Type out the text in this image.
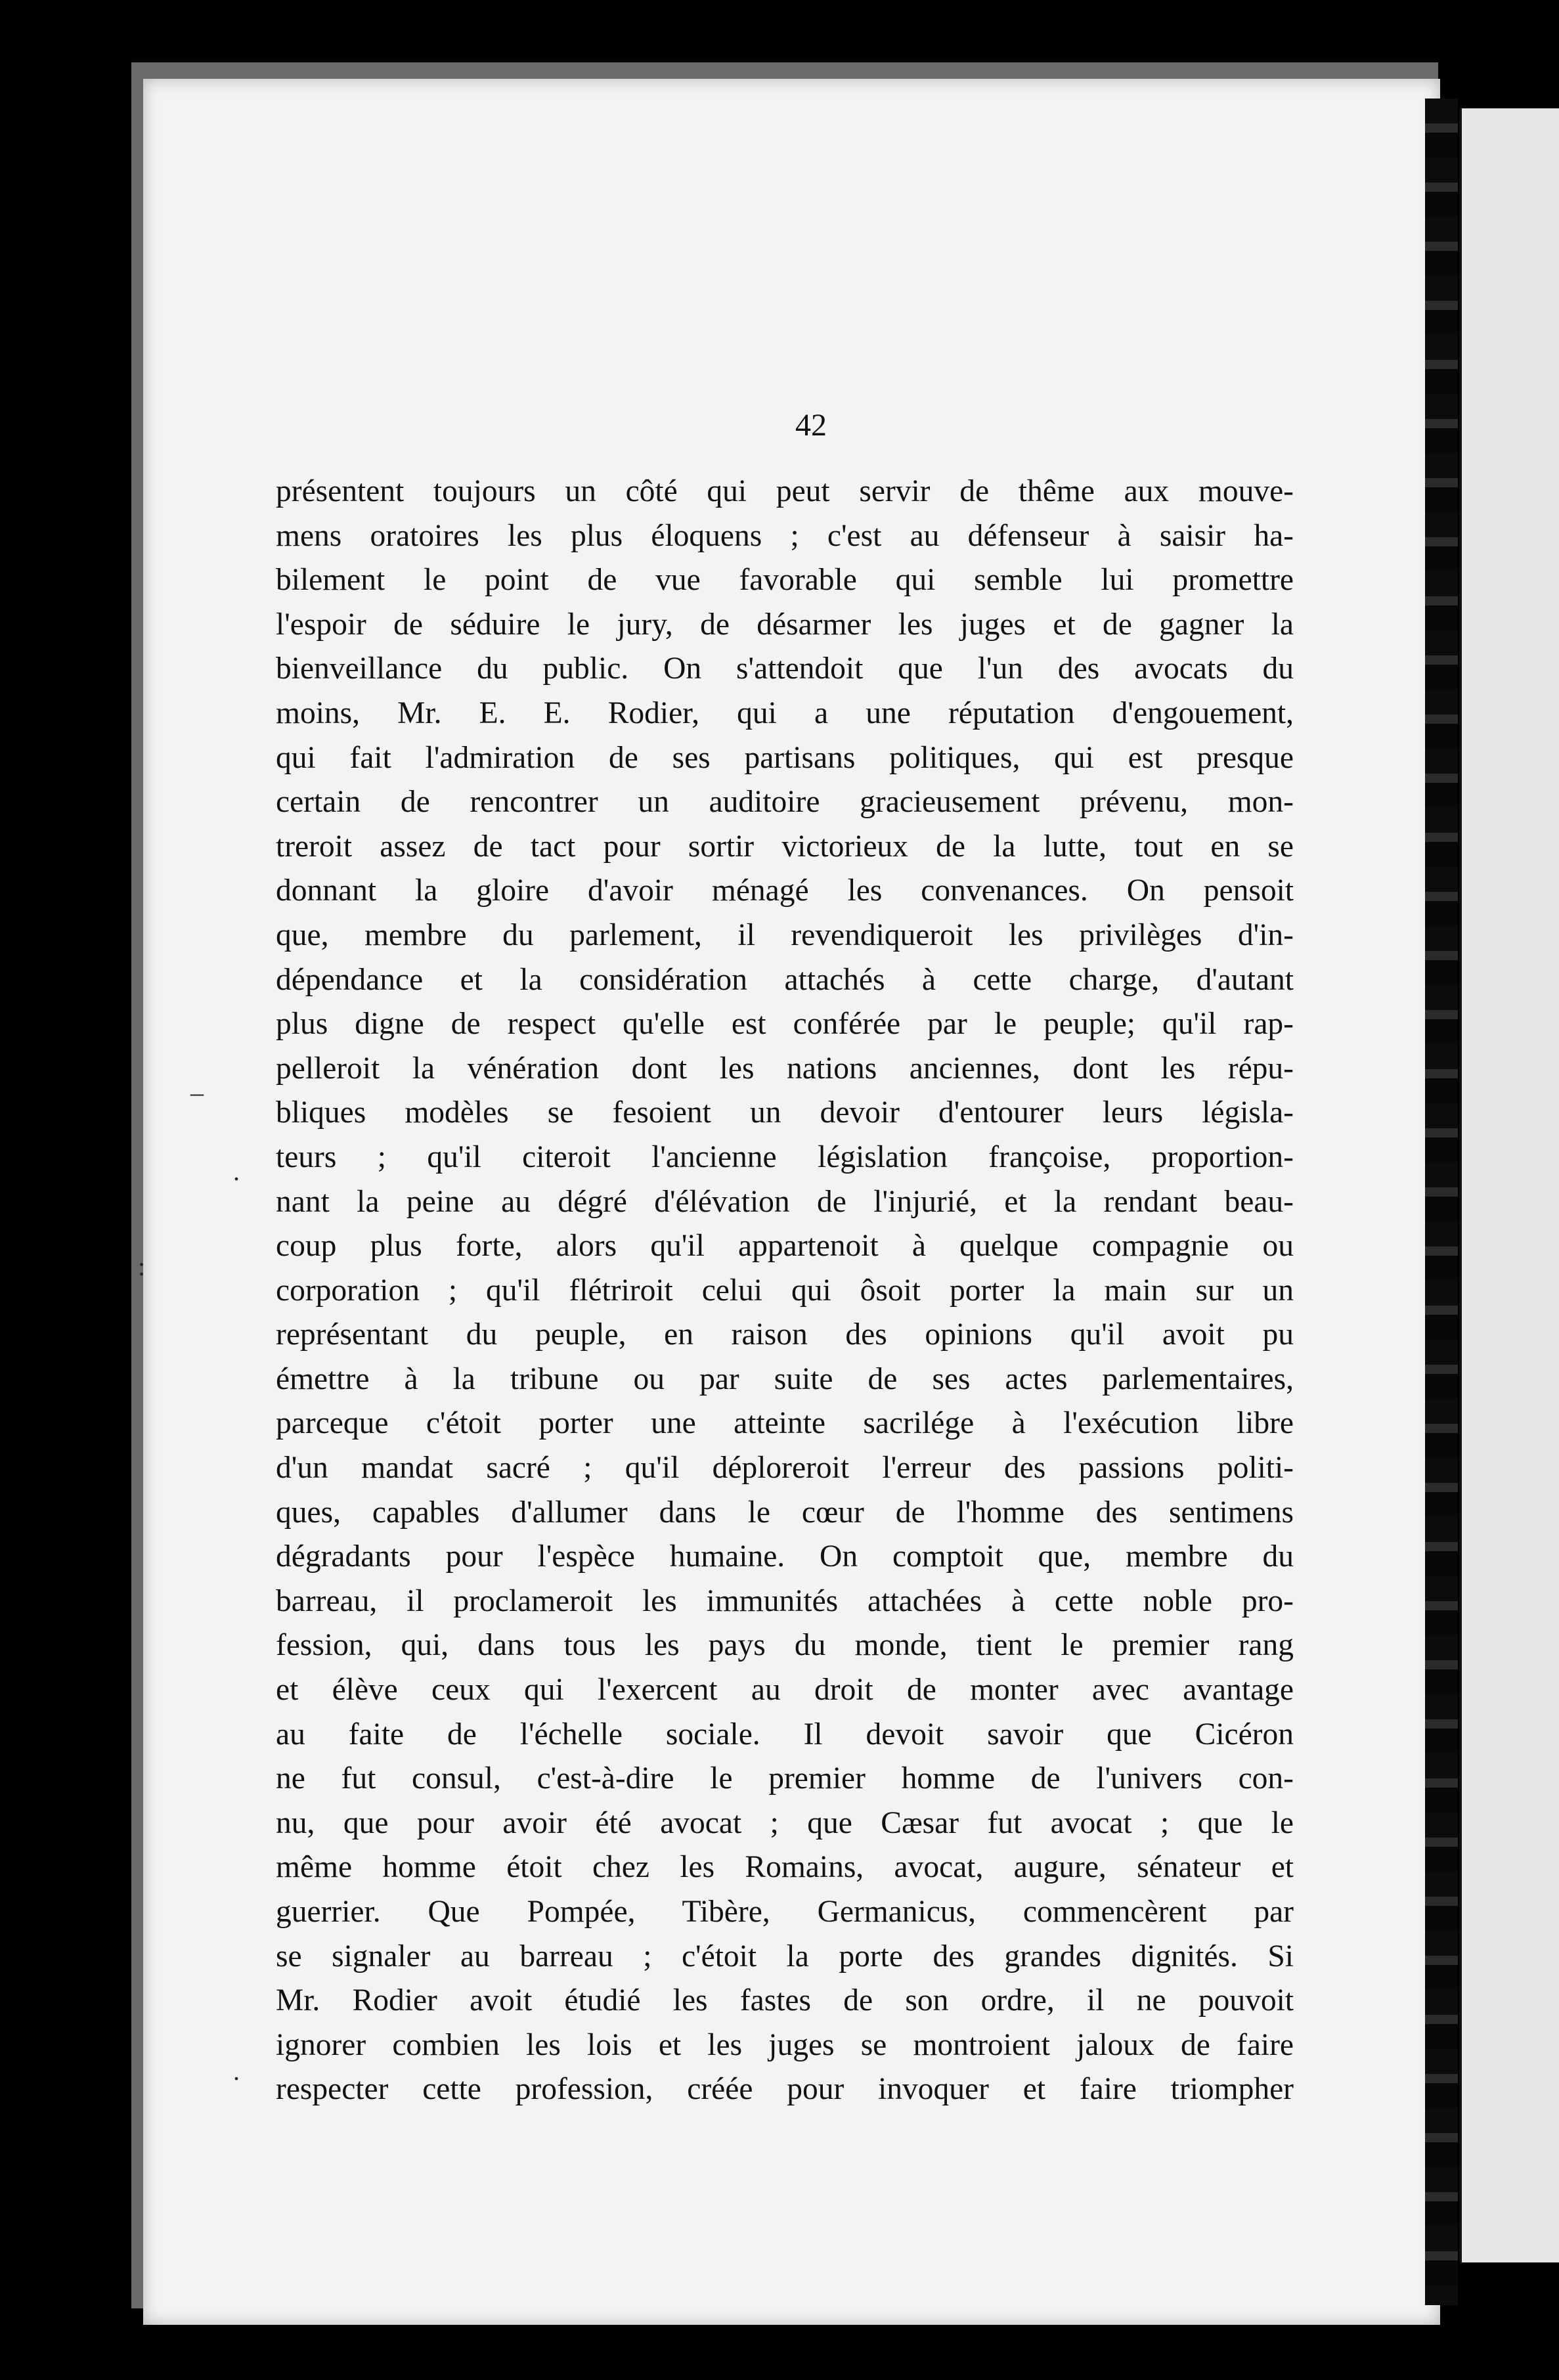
–
.
:
.
42
présentent toujours un côté qui peut servir de thême aux mouve-
mens oratoires les plus éloquens ; c'est au défenseur à saisir ha-
bilement le point de vue favorable qui semble lui promettre
l'espoir de séduire le jury, de désarmer les juges et de gagner la
bienveillance du public. On s'attendoit que l'un des avocats du
moins, Mr. E. E. Rodier, qui a une réputation d'engouement,
qui fait l'admiration de ses partisans politiques, qui est presque
certain de rencontrer un auditoire gracieusement prévenu, mon-
treroit assez de tact pour sortir victorieux de la lutte, tout en se
donnant la gloire d'avoir ménagé les convenances. On pensoit
que, membre du parlement, il revendiqueroit les privilèges d'in-
dépendance et la considération attachés à cette charge, d'autant
plus digne de respect qu'elle est conférée par le peuple; qu'il rap-
pelleroit la vénération dont les nations anciennes, dont les répu-
bliques modèles se fesoient un devoir d'entourer leurs législa-
teurs ; qu'il citeroit l'ancienne législation françoise, proportion-
nant la peine au dégré d'élévation de l'injurié, et la rendant beau-
coup plus forte, alors qu'il appartenoit à quelque compagnie ou
corporation ; qu'il flétriroit celui qui ôsoit porter la main sur un
représentant du peuple, en raison des opinions qu'il avoit pu
émettre à la tribune ou par suite de ses actes parlementaires,
parceque c'étoit porter une atteinte sacrilége à l'exécution libre
d'un mandat sacré ; qu'il déploreroit l'erreur des passions politi-
ques, capables d'allumer dans le cœur de l'homme des sentimens
dégradants pour l'espèce humaine. On comptoit que, membre du
barreau, il proclameroit les immunités attachées à cette noble pro-
fession, qui, dans tous les pays du monde, tient le premier rang
et élève ceux qui l'exercent au droit de monter avec avantage
au faite de l'échelle sociale. Il devoit savoir que Cicéron
ne fut consul, c'est-à-dire le premier homme de l'univers con-
nu, que pour avoir été avocat ; que Cæsar fut avocat ; que le
même homme étoit chez les Romains, avocat, augure, sénateur et
guerrier. Que Pompée, Tibère, Germanicus, commencèrent par
se signaler au barreau ; c'étoit la porte des grandes dignités. Si
Mr. Rodier avoit étudié les fastes de son ordre, il ne pouvoit
ignorer combien les lois et les juges se montroient jaloux de faire
respecter cette profession, créée pour invoquer et faire triompher
